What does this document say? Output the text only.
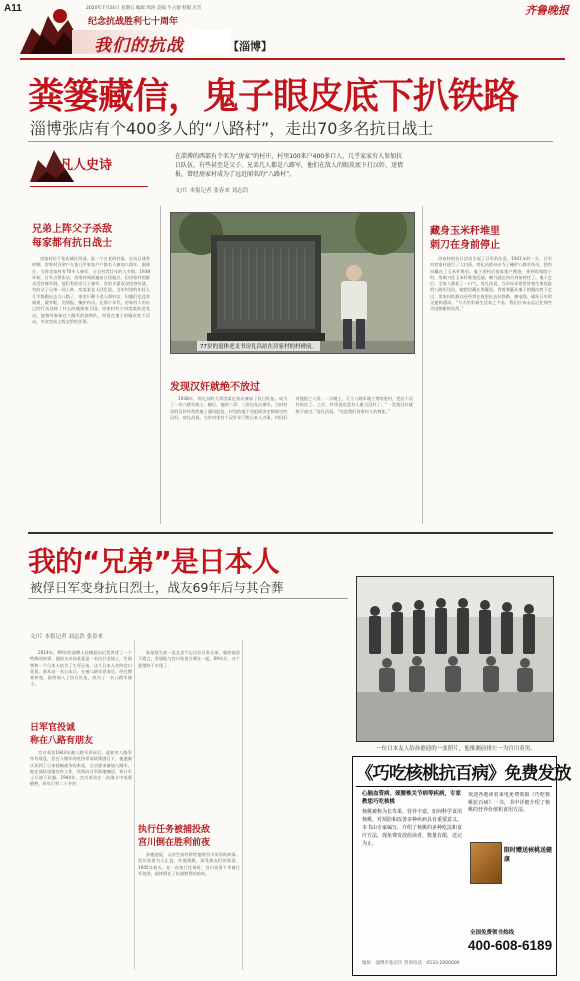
A11	2020年7月24日 星期五 编辑 周涛 美编 牛占德 校版 庆芳	齐鲁晚报
纪念抗战胜利七十周年
我们的抗战	【淄博】
粪篓藏信，鬼子眼皮底下扒铁路
淄博张店有个400多人的“八路村”，走出70多名抗日战士
凡人史诗
在淄博的西部有个名为“房家”的村庄，村里100来户400多口人，几乎家家有人参加抗日队伍，有些甚至是父子、兄弟几人都是八路军，他们在敌人的眼皮底下打汉奸、送情报，曾经房家村成为了远近闻名的“八路村”。
文/片 本报记者 张春来 刘志浩
兄弟上阵父子杀敌
每家都有抗日战士
房家村位于张店城区西部，是一个古老的村落。在抗日战争时期，房家村百余户人家几乎家家户户都有人参加八路军。据统计，当时房家村有70多人参军，占全村青壮年的大多数。1938年初，日军占领张店，房家村周围遍布日伪据点。但房家村的群众没有被吓倒，他们有的送儿子参军，有的夫妻双双投身抗战，有的父子兄弟一同上阵。房某某老人回忆说，当年村里的年轻人几乎都跑出去当八路了，家里只剩下老人和妇女，但她们也没有闲着，做军鞋、送情报、掩护伤员。在那个年代，房家村人用自己的行动诠释了什么叫做保家卫国。房家村有个叫房某的老党员，他曾经参加过八路军的侦察队，经常在鬼子的眼皮底下活动，多次完成上级交给的任务。
77岁的退休老支书房礼昌站在房家村的村碑前。
发现汉奸就绝不放过
1938年，房礼昌的大哥房某在张店参加了抗日队伍，成为了一名八路军战士。随后，他的二哥、三哥也先后参军。当时村里的汉奸经常给鬼子通风报信，村里的地下党组织决定除掉这些汉奸。房礼昌说，当年村里有个汉奸专门给日本人办事，村民们对他恨之入骨。一天晚上，几个八路军战士悄悄进村，把这个汉奸抓住了。之后，村里再也没有人敢当汉奸了。“一发现汉奸就绝不放过，”房礼昌说，“这是我们房家村人的规矩。”
藏身玉米秆堆里
刺刀在身前停止
房家村的抗日活动引起了日军的注意。1941年的一天，日军对房家村进行了大扫荡，房礼昌的母亲为了掩护八路军伤员，把伤员藏在了玉米秆堆里。鬼子进村后挨家挨户搜查，来到房家院子时，用刺刀往玉米秆堆里乱捅，刺刀就在伤员身前停住了。鬼子走后，全家人都松了一口气。房礼昌说，当年母亲常常冒着生命危险给八路军送信，她把信藏在粪篓里，背着粪篓从鬼子的眼皮底下走过。房家村的群众还经常在夜里出去扒铁路、割电线，破坏日军的交通和通讯。“今天的幸福生活来之不易，我们应该永远记住那些为国捐躯的先烈。”
我的“兄弟”是日本人
被俘日军变身抗日烈士，战友69年后与其合葬
文/片 本报记者 刘志浩 张春来
2014年，69岁的淄博人孙德迎向记者讲述了一个特殊的故事。他的父亲孙某某是一名抗日老战士，生前曾和一个日本人结为了生死兄弟。这个日本人名叫宫川英男，原本是一名日本兵，在被八路军俘虏后，经过教育转变，最终加入了抗日队伍，成为了一名八路军战士。
日军官投诚
称在八路有朋友
宫川英男1943年被八路军俘虏后，起初对八路军怀有敌意，但在八路军的优待俘虏政策感召下，他逐渐认识到了日本侵略战争的本质，主动要求参加八路军。他在部队里做宣传工作，经常向日军阵地喊话，劝日军士兵放下武器。1944年，宫川英男在一次战斗中英勇牺牲，时年只有二十多岁。
孙某某生前一直念念不忘这位日本兄弟，临终前留下遗言，希望能与宫川英男合葬在一起。69年后，这个愿望终于实现了。
执行任务被捕投敌
宫川倒在胜利前夜
孙德迎说，父亲生前经常给他讲宫川英男的故事。宫川英男为人正直，作战勇敢，深受战友们的喜爱。1945年春天，在一次执行任务时，宫川英男不幸被日军包围，最终倒在了抗战胜利的前夜。
一位日本友人给孙德迎的一张照片，他推测前排左一为宫川英男。
《巧吃核桃抗百病》免费发放
心脑血管病、颈腰椎关节病等疾病，专家教您巧吃核桃
核桃被称为长寿果，营养丰富。如何科学食用核桃，对预防和改善多种疾病具有重要意义。本书由专家编写，介绍了核桃的多种吃法和食疗方法，现免费发放给读者，数量有限，送完为止。
欢迎各地读者来电免费领取《巧吃核桃抗百病》一书，书中详细介绍了核桃的营养价值和食用方法。
限时赠送核桃送健康
全国免费领书热线
400-608-6189
地址：淄博市张店区 咨询电话：0533-2000000
